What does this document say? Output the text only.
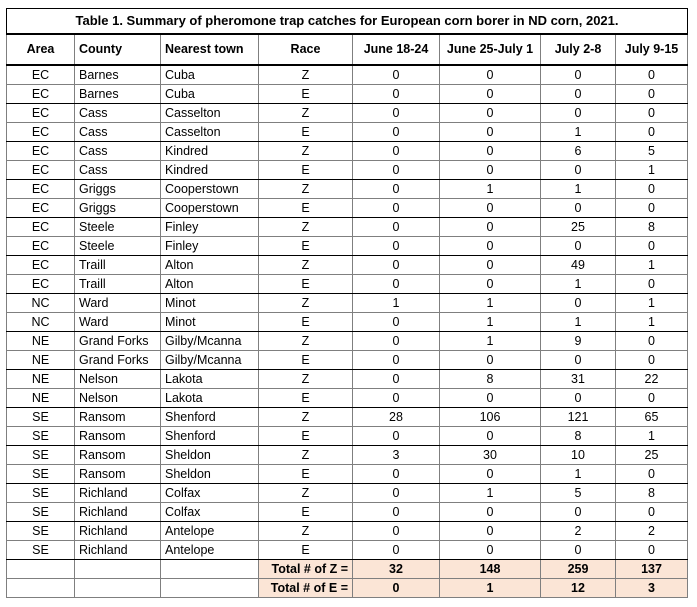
Table 1. Summary of pheromone trap catches for European corn borer in ND corn, 2021.							
Area	County	Nearest town	Race	June 18-24	June 25-July 1	July 2-8	July 9-15
EC	Barnes	Cuba	Z	0	0	0	0
EC	Barnes	Cuba	E	0	0	0	0
EC	Cass	Casselton	Z	0	0	0	0
EC	Cass	Casselton	E	0	0	1	0
EC	Cass	Kindred	Z	0	0	6	5
EC	Cass	Kindred	E	0	0	0	1
EC	Griggs	Cooperstown	Z	0	1	1	0
EC	Griggs	Cooperstown	E	0	0	0	0
EC	Steele	Finley	Z	0	0	25	8
EC	Steele	Finley	E	0	0	0	0
EC	Traill	Alton	Z	0	0	49	1
EC	Traill	Alton	E	0	0	1	0
NC	Ward	Minot	Z	1	1	0	1
NC	Ward	Minot	E	0	1	1	1
NE	Grand Forks	Gilby/Mcanna	Z	0	1	9	0
NE	Grand Forks	Gilby/Mcanna	E	0	0	0	0
NE	Nelson	Lakota	Z	0	8	31	22
NE	Nelson	Lakota	E	0	0	0	0
SE	Ransom	Shenford	Z	28	106	121	65
SE	Ransom	Shenford	E	0	0	8	1
SE	Ransom	Sheldon	Z	3	30	10	25
SE	Ransom	Sheldon	E	0	0	1	0
SE	Richland	Colfax	Z	0	1	5	8
SE	Richland	Colfax	E	0	0	0	0
SE	Richland	Antelope	Z	0	0	2	2
SE	Richland	Antelope	E	0	0	0	0
			Total # of Z =	32	148	259	137
			Total # of E =	0	1	12	3
